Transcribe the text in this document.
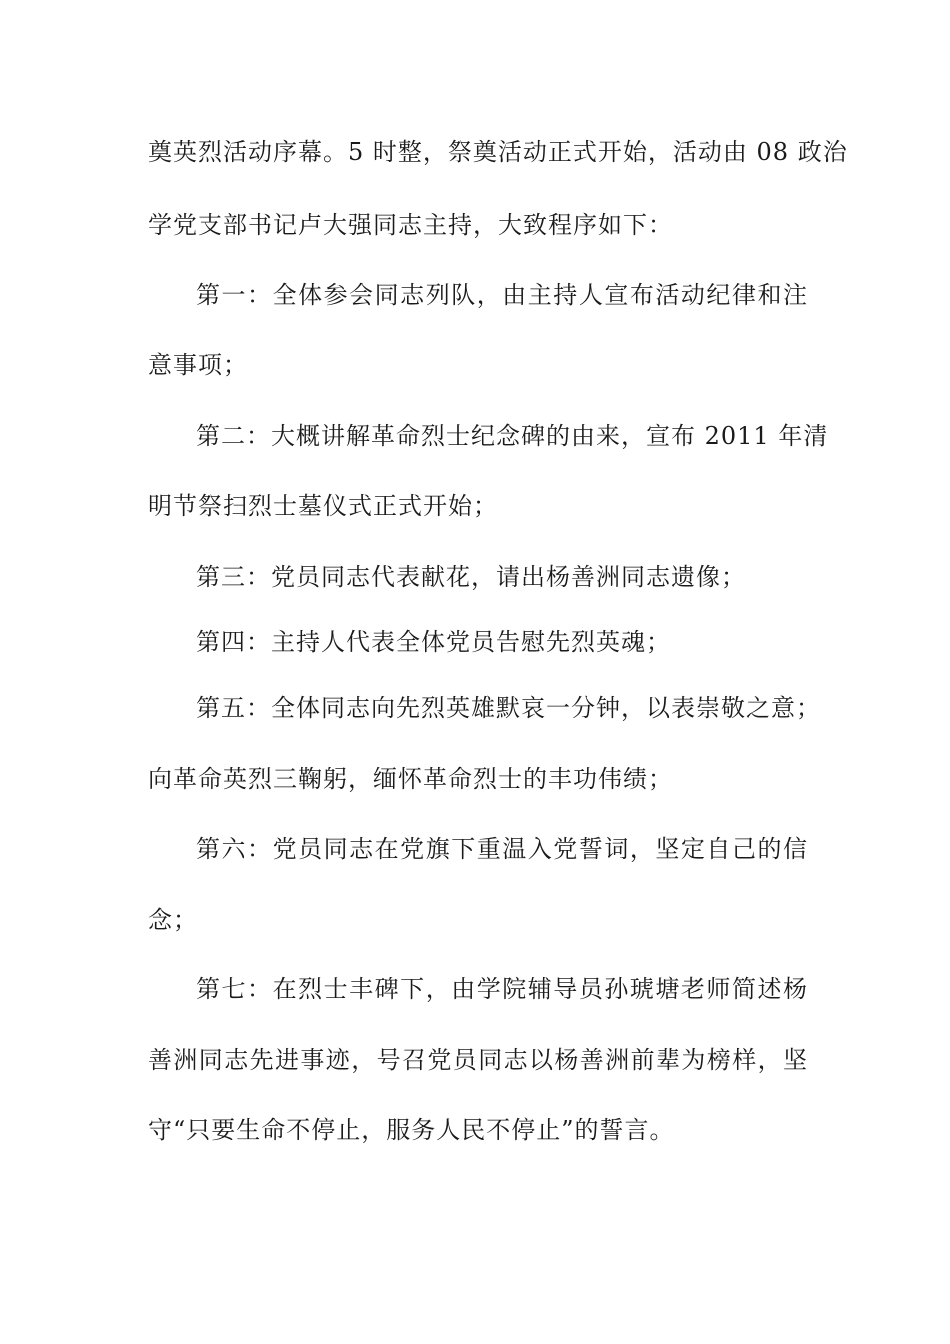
奠英烈活动序幕。5 时整，祭奠活动正式开始，活动由 08 政治
学党支部书记卢大强同志主持，大致程序如下：
第一：全体参会同志列队，由主持人宣布活动纪律和注
意事项；
第二：大概讲解革命烈士纪念碑的由来，宣布 2011 年清
明节祭扫烈士墓仪式正式开始；
第三：党员同志代表献花，请出杨善洲同志遗像；
第四：主持人代表全体党员告慰先烈英魂；
第五：全体同志向先烈英雄默哀一分钟，以表崇敬之意；
向革命英烈三鞠躬，缅怀革命烈士的丰功伟绩；
第六：党员同志在党旗下重温入党誓词，坚定自己的信
念；
第七：在烈士丰碑下，由学院辅导员孙琥塘老师简述杨
善洲同志先进事迹，号召党员同志以杨善洲前辈为榜样，坚
守“只要生命不停止，服务人民不停止”的誓言。
